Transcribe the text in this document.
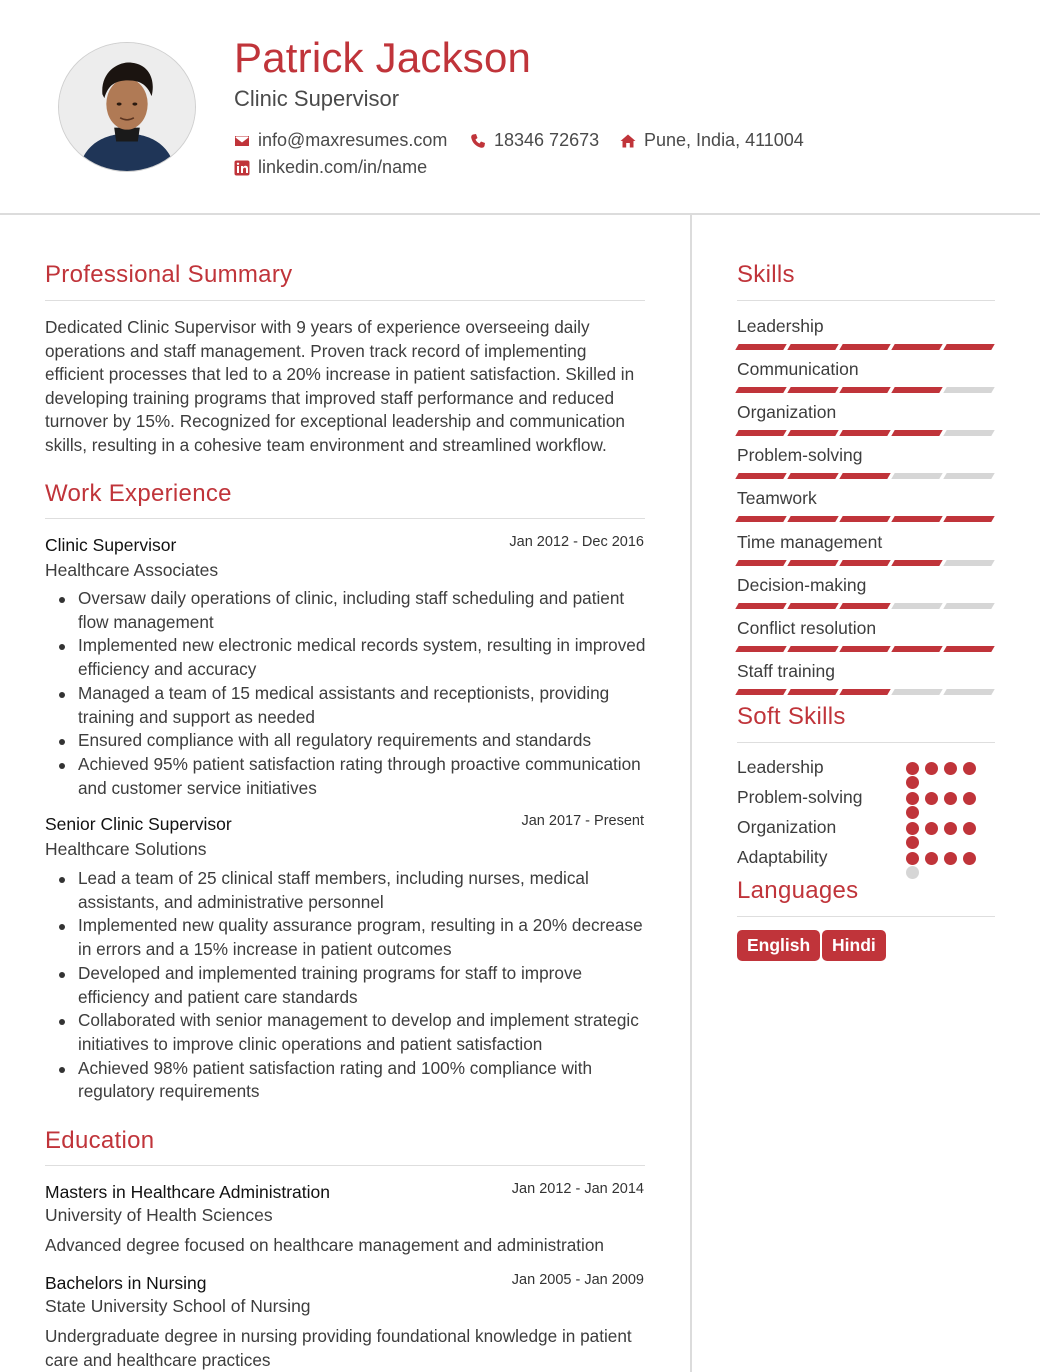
Patrick Jackson
Clinic Supervisor
info@maxresumes.com	18346 72673 Pune, India, 411004
linkedin.com/in/name
Professional Summary
Dedicated Clinic Supervisor with 9 years of experience overseeing daily operations and staff management. Proven track record of implementing efficient processes that led to a 20% increase in patient satisfaction. Skilled in developing training programs that improved staff performance and reduced turnover by 15%. Recognized for exceptional leadership and communication skills, resulting in a cohesive team environment and streamlined workflow.
Work Experience
Clinic Supervisor	Jan 2012 - Dec 2016
Healthcare Associates
Oversaw daily operations of clinic, including staff scheduling and patient flow management
Implemented new electronic medical records system, resulting in improved efficiency and accuracy
Managed a team of 15 medical assistants and receptionists, providing training and support as needed
Ensured compliance with all regulatory requirements and standards
Achieved 95% patient satisfaction rating through proactive communication and customer service initiatives
Senior Clinic Supervisor	Jan 2017 - Present
Healthcare Solutions
Lead a team of 25 clinical staff members, including nurses, medical assistants, and administrative personnel
Implemented new quality assurance program, resulting in a 20% decrease in errors and a 15% increase in patient outcomes
Developed and implemented training programs for staff to improve efficiency and patient care standards
Collaborated with senior management to develop and implement strategic initiatives to improve clinic operations and patient satisfaction
Achieved 98% patient satisfaction rating and 100% compliance with regulatory requirements
Education
Masters in Healthcare Administration	Jan 2012 - Jan 2014
University of Health Sciences
Advanced degree focused on healthcare management and administration
Bachelors in Nursing	Jan 2005 - Jan 2009
State University School of Nursing
Undergraduate degree in nursing providing foundational knowledge in patient care and healthcare practices
Skills
Leadership
Communication
Organization
Problem-solving
Teamwork
Time management
Decision-making
Conflict resolution
Staff training
Soft Skills
Leadership
Problem-solving
Organization
Adaptability
Languages
English	Hindi
